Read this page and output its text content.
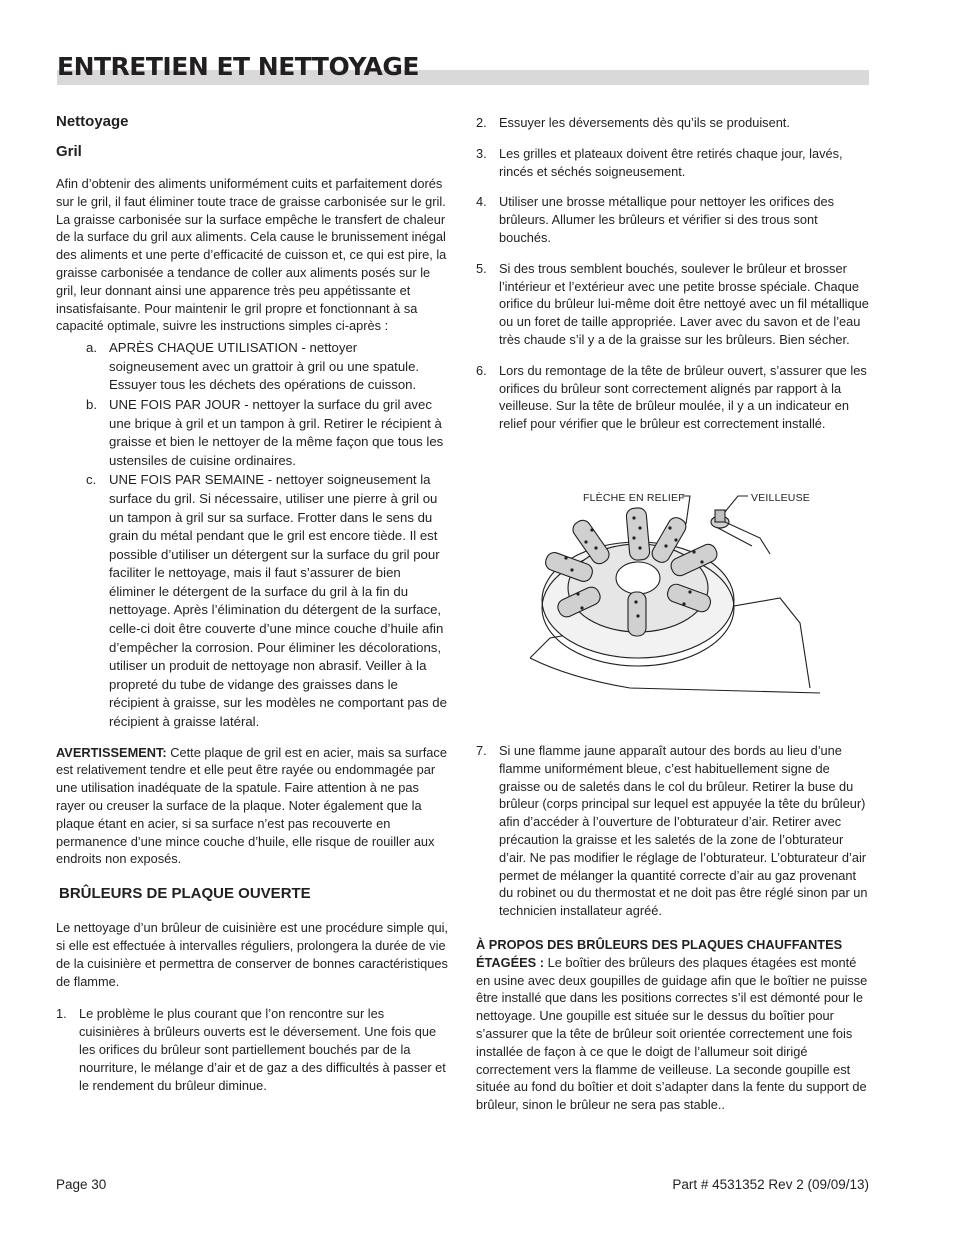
ENTRETIEN ET NETTOYAGE
Nettoyage
Gril

Afin d’obtenir des aliments uniformément cuits et parfaitement dorés sur le gril, il faut éliminer toute trace de graisse carbonisée sur le gril. La graisse carbonisée sur la surface empêche le transfert de chaleur de la surface du gril aux aliments. Cela cause le brunissement inégal des aliments et une perte d’efficacité de cuisson et, ce qui est pire, la graisse carbonisée a tendance de coller aux aliments posés sur le gril, leur donnant ainsi une apparence très peu appétissante et insatisfaisante. Pour maintenir le gril propre et fonctionnant à sa capacité optimale, suivre les instructions simples ci-après :

a. APRÈS CHAQUE UTILISATION - nettoyer soigneusement avec un grattoir à gril ou une spatule. Essuyer tous les déchets des opérations de cuisson.
b. UNE FOIS PAR JOUR - nettoyer la surface du gril avec une brique à gril et un tampon à gril. Retirer le récipient à graisse et bien le nettoyer de la même façon que tous les ustensiles de cuisine ordinaires.
c. UNE FOIS PAR SEMAINE - nettoyer soigneusement la surface du gril. Si nécessaire, utiliser une pierre à gril ou un tampon à gril sur sa surface. Frotter dans le sens du grain du métal pendant que le gril est encore tiède. Il est possible d’utiliser un détergent sur la surface du gril pour faciliter le nettoyage, mais il faut s’assurer de bien éliminer le détergent de la surface du gril à la fin du nettoyage. Après l’élimination du détergent de la surface, celle-ci doit être couverte d’une mince couche d’huile afin d’empêcher la corrosion. Pour éliminer les décolorations, utiliser un produit de nettoyage non abrasif. Veiller à la propreté du tube de vidange des graisses dans le récipient à graisse, sur les modèles ne comportant pas de récipient à graisse latéral.

AVERTISSEMENT: Cette plaque de gril est en acier, mais sa surface est relativement tendre et elle peut être rayée ou endommagée par une utilisation inadéquate de la spatule. Faire attention à ne pas rayer ou creuser la surface de la plaque. Noter également que la plaque étant en acier, si sa surface n’est pas recouverte en permanence d’une mince couche d’huile, elle risque de rouiller aux endroits non exposés.

BRÛLEURS DE PLAQUE OUVERTE

Le nettoyage d’un brûleur de cuisinière est une procédure simple qui, si elle est effectuée à intervalles réguliers, prolongera la durée de vie de la cuisinière et permettra de conserver de bonnes caractéristiques de flamme.

1. Le problème le plus courant que l’on rencontre sur les cuisinières à brûleurs ouverts est le déversement. Une fois que les orifices du brûleur sont partiellement bouchés par de la nourriture, le mélange d’air et de gaz a des difficultés à passer et le rendement du brûleur diminue.
2. Essuyer les déversements dès qu’ils se produisent.
3. Les grilles et plateaux doivent être retirés chaque jour, lavés, rincés et séchés soigneusement.
4. Utiliser une brosse métallique pour nettoyer les orifices des brûleurs. Allumer les brûleurs et vérifier si des trous sont bouchés.
5. Si des trous semblent bouchés, soulever le brûleur et brosser l’intérieur et l’extérieur avec une petite brosse spéciale. Chaque orifice du brûleur lui-même doit être nettoyé avec un fil métallique ou un foret de taille appropriée. Laver avec du savon et de l’eau très chaude s’il y a de la graisse sur les brûleurs. Bien sécher.
6. Lors du remontage de la tête de brûleur ouvert, s’assurer que les orifices du brûleur sont correctement alignés par rapport à la veilleuse. Sur la tête de brûleur moulée, il y a un indicateur en relief pour vérifier que le brûleur est correctement installé.
FLÈCHE EN RELIEF	VEILLEUSE
7. Si une flamme jaune apparaît autour des bords au lieu d’une flamme uniformément bleue, c’est habituellement signe de graisse ou de saletés dans le col du brûleur. Retirer la buse du brûleur (corps principal sur lequel est appuyée la tête du brûleur) afin d’accéder à l’ouverture de l’obturateur d’air. Retirer avec précaution la graisse et les saletés de la zone de l’obturateur d’air. Ne pas modifier le réglage de l’obturateur. L’obturateur d’air permet de mélanger la quantité correcte d’air au gaz provenant du robinet ou du thermostat et ne doit pas être réglé sinon par un technicien installateur agréé.

À PROPOS DES BRÛLEURS DES PLAQUES CHAUFFANTES ÉTAGÉES : Le boîtier des brûleurs des plaques étagées est monté en usine avec deux goupilles de guidage afin que le boîtier ne puisse être installé que dans les positions correctes s’il est démonté pour le nettoyage. Une goupille est située sur le dessus du boîtier pour s’assurer que la tête de brûleur soit orientée correctement une fois installée de façon à ce que le doigt de l’allumeur soit dirigé correctement vers la flamme de veilleuse. La seconde goupille est située au fond du boîtier et doit s’adapter dans la fente du support de brûleur, sinon le brûleur ne sera pas stable..

Page 30	Part # 4531352 Rev 2 (09/09/13)
